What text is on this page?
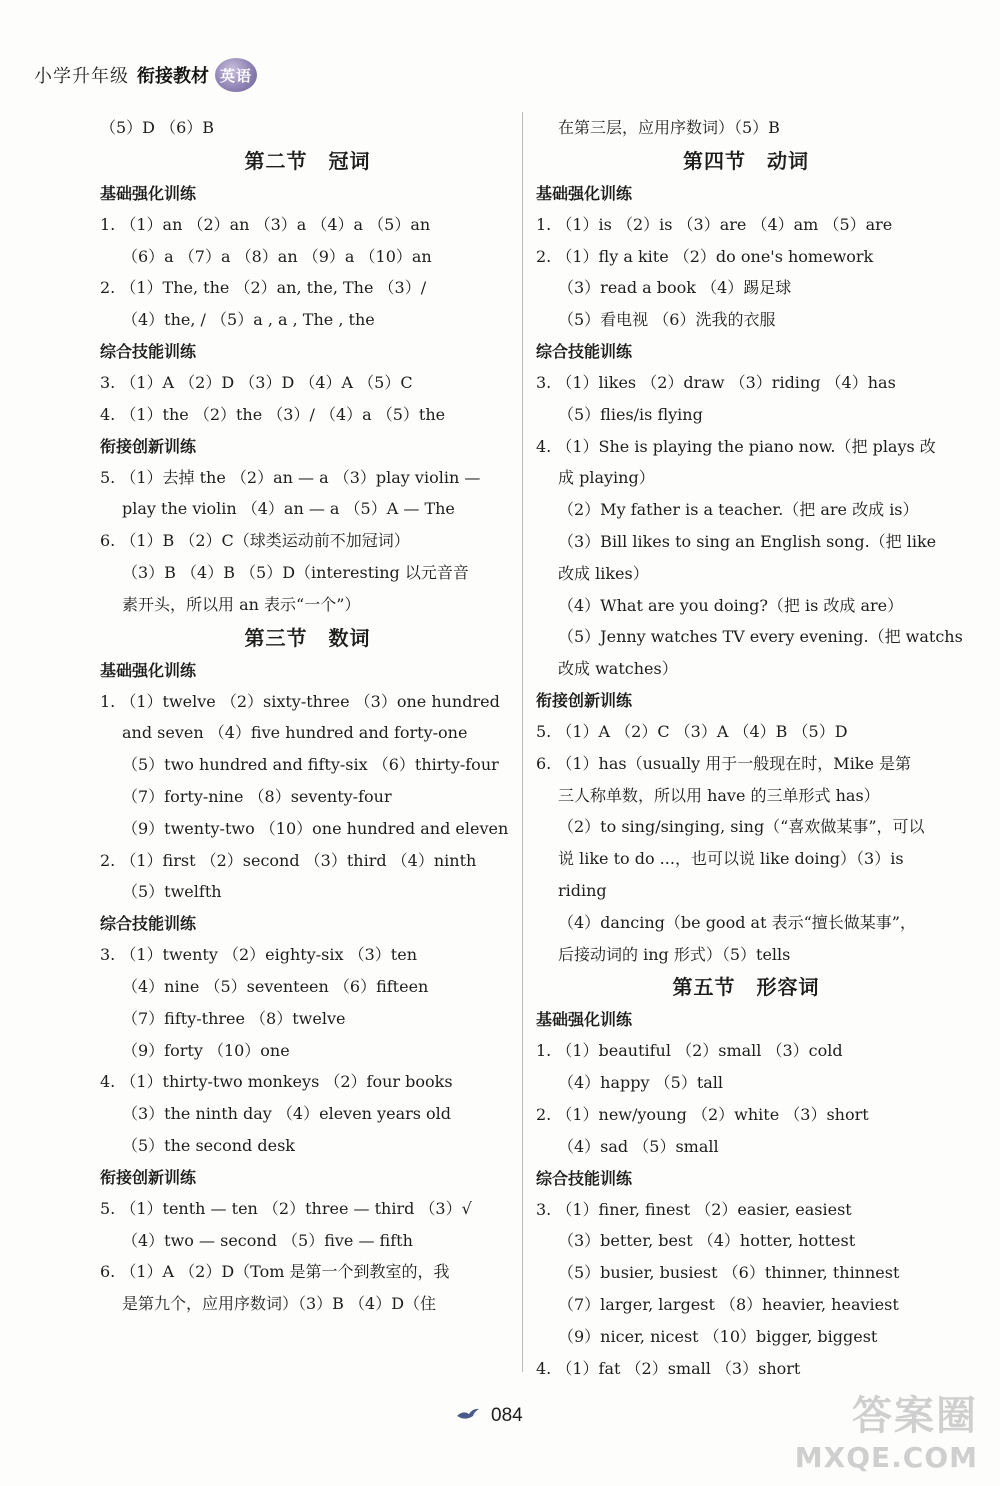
小学升年级 衔接教材 英语
（5）D （6）B
第二节　冠词
基础强化训练
1. （1）an （2）an （3）a （4）a （5）an
（6）a （7）a （8）an （9）a （10）an
2. （1）The, the （2）an, the, The （3）/
（4）the, / （5）a , a , The , the
综合技能训练
3. （1）A （2）D （3）D （4）A （5）C
4. （1）the （2）the （3）/ （4）a （5）the
衔接创新训练
5. （1）去掉 the （2）an — a （3）play violin —
play the violin （4）an — a （5）A — The
6. （1）B （2）C（球类运动前不加冠词）
（3）B （4）B （5）D（interesting 以元音音
素开头，所以用 an 表示“一个”）
第三节　数词
基础强化训练
1. （1）twelve （2）sixty-three （3）one hundred
and seven （4）five hundred and forty-one
（5）two hundred and fifty-six （6）thirty-four
（7）forty-nine （8）seventy-four
（9）twenty-two （10）one hundred and eleven
2. （1）first （2）second （3）third （4）ninth
（5）twelfth
综合技能训练
3. （1）twenty （2）eighty-six （3）ten
（4）nine （5）seventeen （6）fifteen
（7）fifty-three （8）twelve
（9）forty （10）one
4. （1）thirty-two monkeys （2）four books
（3）the ninth day （4）eleven years old
（5）the second desk
衔接创新训练
5. （1）tenth — ten （2）three — third （3）√
（4）two — second （5）five — fifth
6. （1）A （2）D（Tom 是第一个到教室的，我
是第九个，应用序数词）（3）B （4）D（住
在第三层，应用序数词）（5）B
第四节　动词
基础强化训练
1. （1）is （2）is （3）are （4）am （5）are
2. （1）fly a kite （2）do one's homework
（3）read a book （4）踢足球
（5）看电视 （6）洗我的衣服
综合技能训练
3. （1）likes （2）draw （3）riding （4）has
（5）flies/is flying
4. （1）She is playing the piano now.（把 plays 改
成 playing）
（2）My father is a teacher.（把 are 改成 is）
（3）Bill likes to sing an English song.（把 like
改成 likes）
（4）What are you doing?（把 is 改成 are）
（5）Jenny watches TV every evening.（把 watchs
改成 watches）
衔接创新训练
5. （1）A （2）C （3）A （4）B （5）D
6. （1）has（usually 用于一般现在时，Mike 是第
三人称单数，所以用 have 的三单形式 has）
（2）to sing/singing, sing（“喜欢做某事”，可以
说 like to do ...，也可以说 like doing）（3）is
riding
（4）dancing（be good at 表示“擅长做某事”，
后接动词的 ing 形式）（5）tells
第五节　形容词
基础强化训练
1. （1）beautiful （2）small （3）cold
（4）happy （5）tall
2. （1）new/young （2）white （3）short
（4）sad （5）small
综合技能训练
3. （1）finer, finest （2）easier, easiest
（3）better, best （4）hotter, hottest
（5）busier, busiest （6）thinner, thinnest
（7）larger, largest （8）heavier, heaviest
（9）nicer, nicest （10）bigger, biggest
4. （1）fat （2）small （3）short
084	答案圈
MXQE.COM
